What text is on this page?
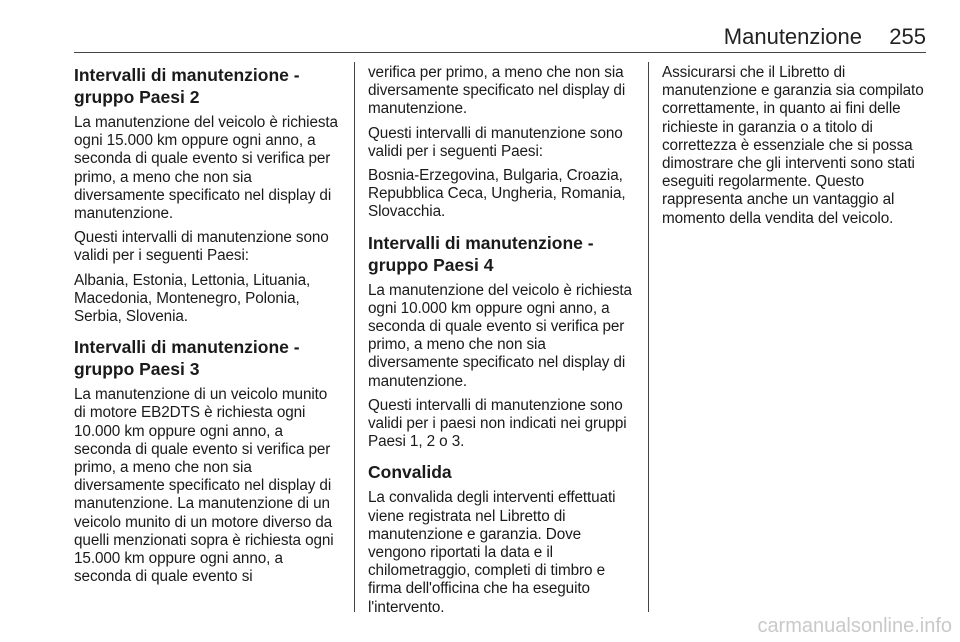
Manutenzione 255
Intervalli di manutenzione - gruppo Paesi 2

La manutenzione del veicolo è richiesta ogni 15.000 km oppure ogni anno, a seconda di quale evento si verifica per primo, a meno che non sia diversamente specificato nel display di manutenzione.

Questi intervalli di manutenzione sono validi per i seguenti Paesi:

Albania, Estonia, Lettonia, Lituania, Macedonia, Montenegro, Polonia, Serbia, Slovenia.

Intervalli di manutenzione - gruppo Paesi 3

La manutenzione di un veicolo munito di motore EB2DTS è richiesta ogni 10.000 km oppure ogni anno, a seconda di quale evento si verifica per primo, a meno che non sia diversamente specificato nel display di manutenzione. La manutenzione di un veicolo munito di un motore diverso da quelli menzionati sopra è richiesta ogni 15.000 km oppure ogni anno, a seconda di quale evento si

verifica per primo, a meno che non sia diversamente specificato nel display di manutenzione.

Questi intervalli di manutenzione sono validi per i seguenti Paesi:

Bosnia-Erzegovina, Bulgaria, Croazia, Repubblica Ceca, Ungheria, Romania, Slovacchia.

Intervalli di manutenzione - gruppo Paesi 4

La manutenzione del veicolo è richiesta ogni 10.000 km oppure ogni anno, a seconda di quale evento si verifica per primo, a meno che non sia diversamente specificato nel display di manutenzione.

Questi intervalli di manutenzione sono validi per i paesi non indicati nei gruppi Paesi 1, 2 o 3.

Convalida

La convalida degli interventi effettuati viene registrata nel Libretto di manutenzione e garanzia. Dove vengono riportati la data e il chilometraggio, completi di timbro e firma dell'officina che ha eseguito l'intervento.

Assicurarsi che il Libretto di manutenzione e garanzia sia compilato correttamente, in quanto ai fini delle richieste in garanzia o a titolo di correttezza è essenziale che si possa dimostrare che gli interventi sono stati eseguiti regolarmente. Questo rappresenta anche un vantaggio al momento della vendita del veicolo.

carmanualsonline.info
